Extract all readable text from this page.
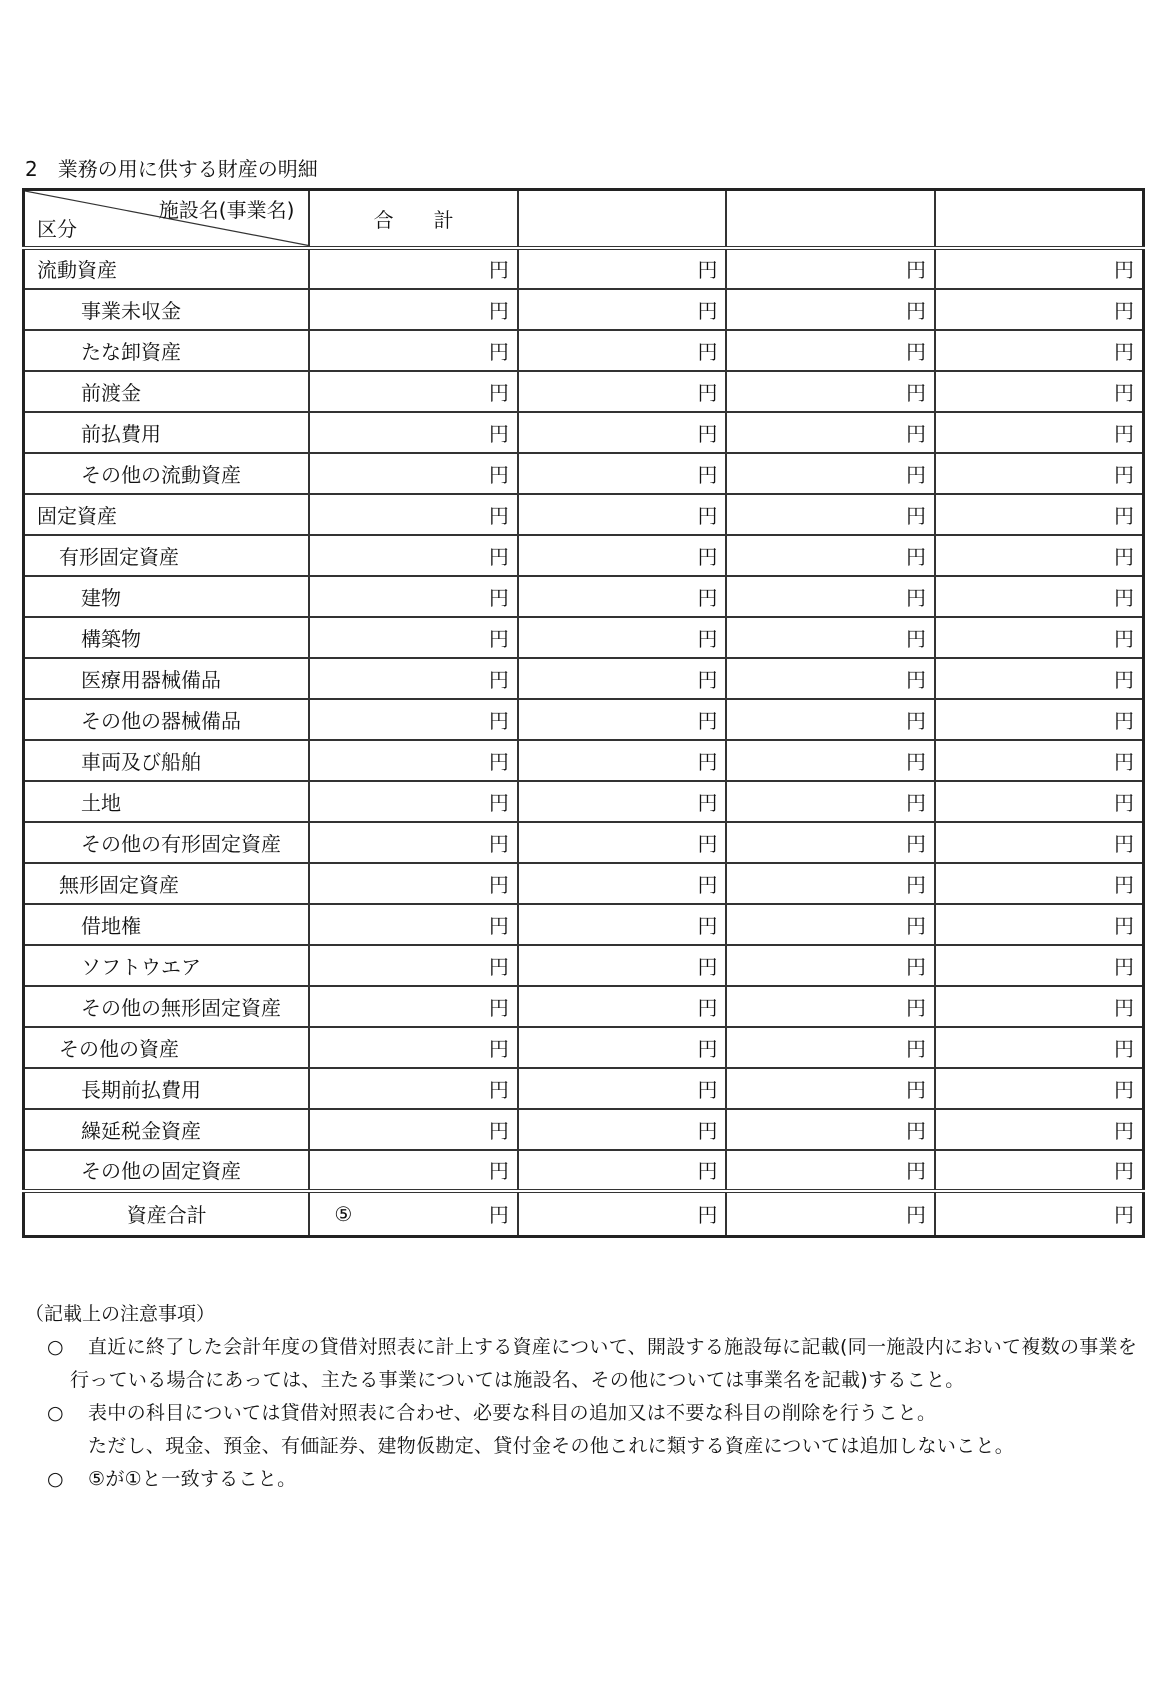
2　業務の用に供する財産の明細
施設名(事業名)
区分	合　　計			
流動資産	円	円	円	円
事業未収金	円	円	円	円
たな卸資産	円	円	円	円
前渡金	円	円	円	円
前払費用	円	円	円	円
その他の流動資産	円	円	円	円
固定資産	円	円	円	円
有形固定資産	円	円	円	円
建物	円	円	円	円
構築物	円	円	円	円
医療用器械備品	円	円	円	円
その他の器械備品	円	円	円	円
車両及び船舶	円	円	円	円
土地	円	円	円	円
その他の有形固定資産	円	円	円	円
無形固定資産	円	円	円	円
借地権	円	円	円	円
ソフトウエア	円	円	円	円
その他の無形固定資産	円	円	円	円
その他の資産	円	円	円	円
長期前払費用	円	円	円	円
繰延税金資産	円	円	円	円
その他の固定資産	円	円	円	円
資産合計	⑤ 円	円	円	円
（記載上の注意事項）
○	直近に終了した会計年度の貸借対照表に計上する資産について、開設する施設毎に記載(同一施設内において複数の事業を行っている場合にあっては、主たる事業については施設名、その他については事業名を記載)すること。
○	表中の科目については貸借対照表に合わせ、必要な科目の追加又は不要な科目の削除を行うこと。
ただし、現金、預金、有価証券、建物仮勘定、貸付金その他これに類する資産については追加しないこと。
○	⑤が①と一致すること。
